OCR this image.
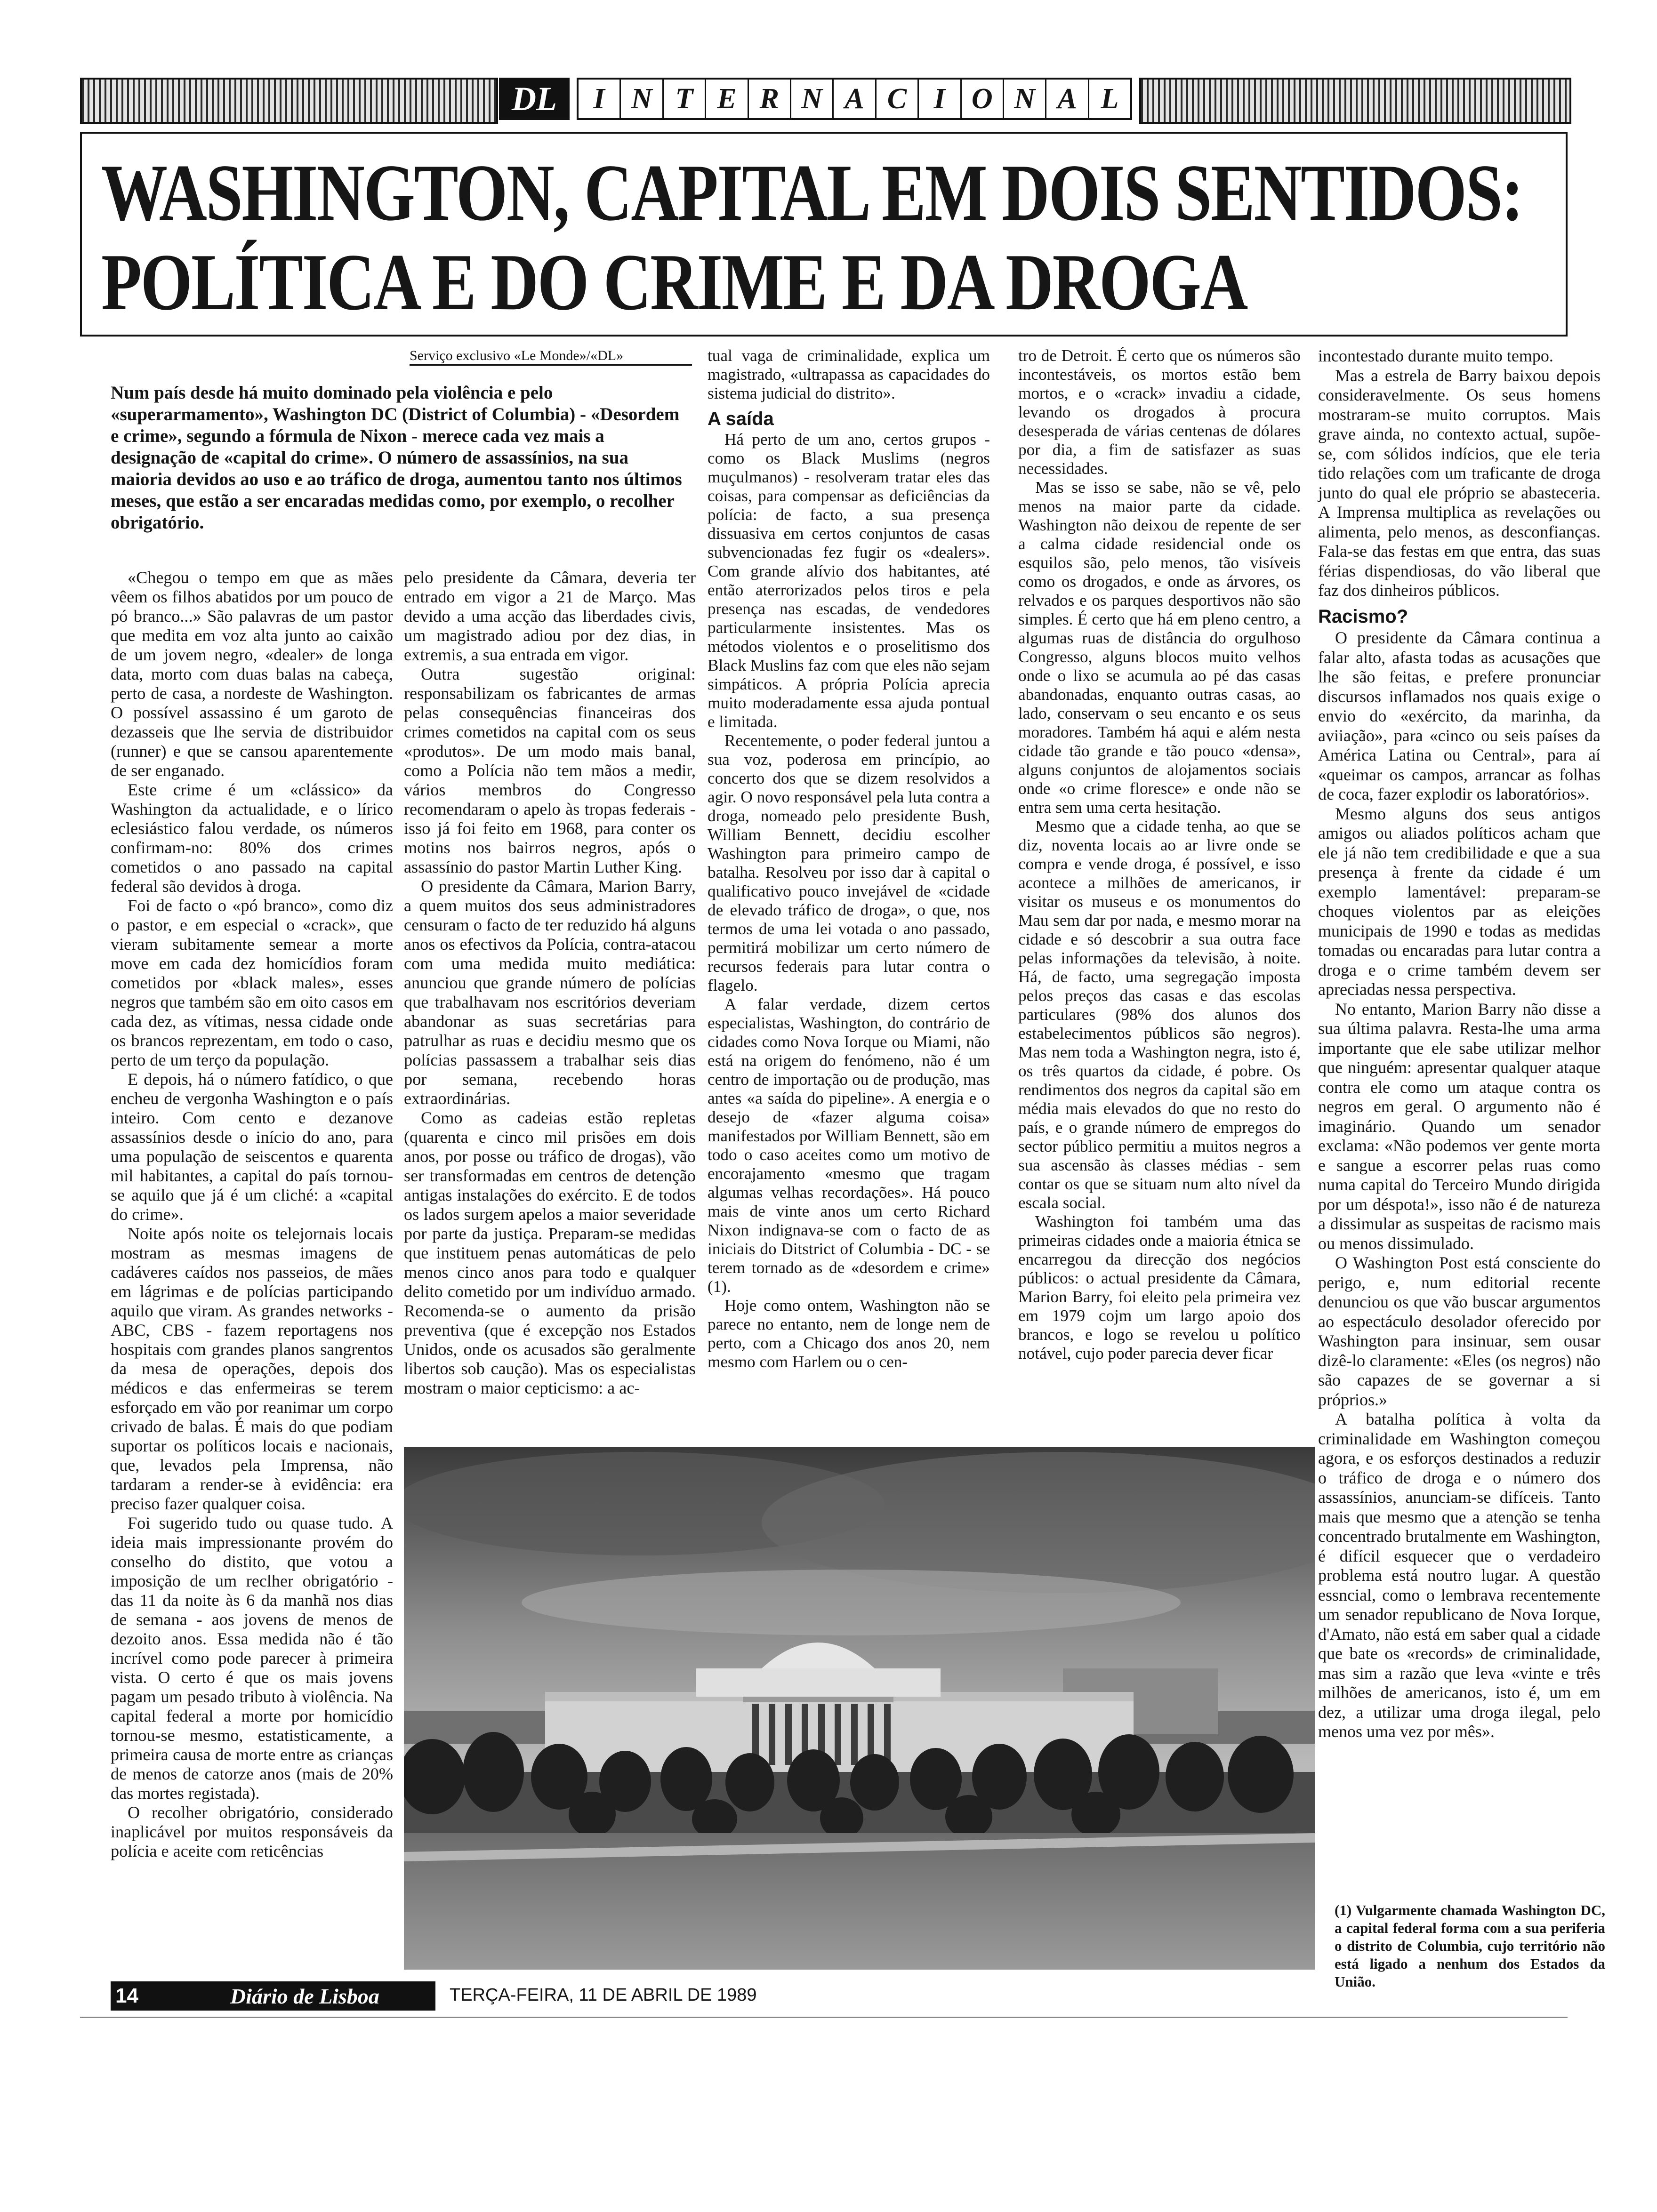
DL	I N T E R N A C I O N A L
WASHINGTON, CAPITAL EM DOIS SENTIDOS:
POLÍTICA E DO CRIME E DA DROGA
Serviço exclusivo «Le Monde»/«DL»
Num país desde há muito dominado pela violência e pelo «superarmamento», Washington DC (District of Columbia) - «Desordem e crime», segundo a fórmula de Nixon - merece cada vez mais a designação de «capital do crime». O número de assassínios, na sua maioria devidos ao uso e ao tráfico de droga, aumentou tanto nos últimos meses, que estão a ser encaradas medidas como, por exemplo, o recolher obrigatório.

«Chegou o tempo em que as mães vêem os filhos abatidos por um pouco de pó branco...» São palavras de um pastor que medita em voz alta junto ao caixão de um jovem negro, «dealer» de longa data, morto com duas balas na cabeça, perto de casa, a nordeste de Washington. O possível assassino é um garoto de dezasseis que lhe servia de distribuidor (runner) e que se cansou aparentemente de ser enganado.

Este crime é um «clássico» da Washington da actualidade, e o lírico eclesiástico falou verdade, os números confirmam-no: 80% dos crimes cometidos o ano passado na capital federal são devidos à droga.

Foi de facto o «pó branco», como diz o pastor, e em especial o «crack», que vieram subitamente semear a morte move em cada dez homicídios foram cometidos por «black males», esses negros que também são em oito casos em cada dez, as vítimas, nessa cidade onde os brancos reprezentam, em todo o caso, perto de um terço da população.

E depois, há o número fatídico, o que encheu de vergonha Washington e o país inteiro. Com cento e dezanove assassínios desde o início do ano, para uma população de seiscentos e quarenta mil habitantes, a capital do país tornou-se aquilo que já é um cliché: a «capital do crime».

Noite após noite os telejornais locais mostram as mesmas imagens de cadáveres caídos nos passeios, de mães em lágrimas e de polícias participando aquilo que viram. As grandes networks - ABC, CBS - fazem reportagens nos hospitais com grandes planos sangrentos da mesa de operações, depois dos médicos e das enfermeiras se terem esforçado em vão por reanimar um corpo crivado de balas. É mais do que podiam suportar os políticos locais e nacionais, que, levados pela Imprensa, não tardaram a render-se à evidência: era preciso fazer qualquer coisa.

Foi sugerido tudo ou quase tudo. A ideia mais impressionante provém do conselho do distito, que votou a imposição de um reclher obrigatório - das 11 da noite às 6 da manhã nos dias de semana - aos jovens de menos de dezoito anos. Essa medida não é tão incrível como pode parecer à primeira vista. O certo é que os mais jovens pagam um pesado tributo à violência. Na capital federal a morte por homicídio tornou-se mesmo, estatisticamente, a primeira causa de morte entre as crianças de menos de catorze anos (mais de 20% das mortes registada).

O recolher obrigatório, considerado inaplicável por muitos responsáveis da polícia e aceite com reticências

pelo presidente da Câmara, deveria ter entrado em vigor a 21 de Março. Mas devido a uma acção das liberdades civis, um magistrado adiou por dez dias, in extremis, a sua entrada em vigor.

Outra sugestão original: responsabilizam os fabricantes de armas pelas consequências financeiras dos crimes cometidos na capital com os seus «produtos». De um modo mais banal, como a Polícia não tem mãos a medir, vários membros do Congresso recomendaram o apelo às tropas federais - isso já foi feito em 1968, para conter os motins nos bairros negros, após o assassínio do pastor Martin Luther King.

O presidente da Câmara, Marion Barry, a quem muitos dos seus administradores censuram o facto de ter reduzido há alguns anos os efectivos da Polícia, contra-atacou com uma medida muito mediática: anunciou que grande número de polícias que trabalhavam nos escritórios deveriam abandonar as suas secretárias para patrulhar as ruas e decidiu mesmo que os polícias passassem a trabalhar seis dias por semana, recebendo horas extraordinárias.

Como as cadeias estão repletas (quarenta e cinco mil prisões em dois anos, por posse ou tráfico de drogas), vão ser transformadas em centros de detenção antigas instalações do exército. E de todos os lados surgem apelos a maior severidade por parte da justiça. Preparam-se medidas que instituem penas automáticas de pelo menos cinco anos para todo e qualquer delito cometido por um indivíduo armado. Recomenda-se o aumento da prisão preventiva (que é excepção nos Estados Unidos, onde os acusados são geralmente libertos sob caução). Mas os especialistas mostram o maior cepticismo: a ac-

tual vaga de criminalidade, explica um magistrado, «ultrapassa as capacidades do sistema judicial do distrito».

A saída

Há perto de um ano, certos grupos - como os Black Muslims (negros muçulmanos) - resolveram tratar eles das coisas, para compensar as deficiências da polícia: de facto, a sua presença dissuasiva em certos conjuntos de casas subvencionadas fez fugir os «dealers». Com grande alívio dos habitantes, até então aterrorizados pelos tiros e pela presença nas escadas, de vendedores particularmente insistentes. Mas os métodos violentos e o proselitismo dos Black Muslins faz com que eles não sejam simpáticos. A própria Polícia aprecia muito moderadamente essa ajuda pontual e limitada.

Recentemente, o poder federal juntou a sua voz, poderosa em princípio, ao concerto dos que se dizem resolvidos a agir. O novo responsável pela luta contra a droga, nomeado pelo presidente Bush, William Bennett, decidiu escolher Washington para primeiro campo de batalha. Resolveu por isso dar à capital o qualificativo pouco invejável de «cidade de elevado tráfico de droga», o que, nos termos de uma lei votada o ano passado, permitirá mobilizar um certo número de recursos federais para lutar contra o flagelo.

A falar verdade, dizem certos especialistas, Washington, do contrário de cidades como Nova Iorque ou Miami, não está na origem do fenómeno, não é um centro de importação ou de produção, mas antes «a saída do pipeline». A energia e o desejo de «fazer alguma coisa» manifestados por William Bennett, são em todo o caso aceites como um motivo de encorajamento «mesmo que tragam algumas velhas recordações». Há pouco mais de vinte anos um certo Richard Nixon indignava-se com o facto de as iniciais do Ditstrict of Columbia - DC - se terem tornado as de «desordem e crime» (1).

Hoje como ontem, Washington não se parece no entanto, nem de longe nem de perto, com a Chicago dos anos 20, nem mesmo com Harlem ou o cen-

tro de Detroit. É certo que os números são incontestáveis, os mortos estão bem mortos, e o «crack» invadiu a cidade, levando os drogados à procura desesperada de várias centenas de dólares por dia, a fim de satisfazer as suas necessidades.

Mas se isso se sabe, não se vê, pelo menos na maior parte da cidade. Washington não deixou de repente de ser a calma cidade residencial onde os esquilos são, pelo menos, tão visíveis como os drogados, e onde as árvores, os relvados e os parques desportivos não são simples. É certo que há em pleno centro, a algumas ruas de distância do orgulhoso Congresso, alguns blocos muito velhos onde o lixo se acumula ao pé das casas abandonadas, enquanto outras casas, ao lado, conservam o seu encanto e os seus moradores. Também há aqui e além nesta cidade tão grande e tão pouco «densa», alguns conjuntos de alojamentos sociais onde «o crime floresce» e onde não se entra sem uma certa hesitação.

Mesmo que a cidade tenha, ao que se diz, noventa locais ao ar livre onde se compra e vende droga, é possível, e isso acontece a milhões de americanos, ir visitar os museus e os monumentos do Mau sem dar por nada, e mesmo morar na cidade e só descobrir a sua outra face pelas informações da televisão, à noite. Há, de facto, uma segregação imposta pelos preços das casas e das escolas particulares (98% dos alunos dos estabelecimentos públicos são negros). Mas nem toda a Washington negra, isto é, os três quartos da cidade, é pobre. Os rendimentos dos negros da capital são em média mais elevados do que no resto do país, e o grande número de empregos do sector público permitiu a muitos negros a sua ascensão às classes médias - sem contar os que se situam num alto nível da escala social.

Washington foi também uma das primeiras cidades onde a maioria étnica se encarregou da direcção dos negócios públicos: o actual presidente da Câmara, Marion Barry, foi eleito pela primeira vez em 1979 cojm um largo apoio dos brancos, e logo se revelou u político notável, cujo poder parecia dever ficar

incontestado durante muito tempo.

Mas a estrela de Barry baixou depois consideravelmente. Os seus homens mostraram-se muito corruptos. Mais grave ainda, no contexto actual, supõe-se, com sólidos indícios, que ele teria tido relações com um traficante de droga junto do qual ele próprio se abasteceria. A Imprensa multiplica as revelações ou alimenta, pelo menos, as desconfianças. Fala-se das festas em que entra, das suas férias dispendiosas, do vão liberal que faz dos dinheiros públicos.

Racismo?

O presidente da Câmara continua a falar alto, afasta todas as acusações que lhe são feitas, e prefere pronunciar discursos inflamados nos quais exige o envio do «exército, da marinha, da aviiação», para «cinco ou seis países da América Latina ou Central», para aí «queimar os campos, arrancar as folhas de coca, fazer explodir os laboratórios».

Mesmo alguns dos seus antigos amigos ou aliados políticos acham que ele já não tem credibilidade e que a sua presença à frente da cidade é um exemplo lamentável: preparam-se choques violentos par as eleições municipais de 1990 e todas as medidas tomadas ou encaradas para lutar contra a droga e o crime também devem ser apreciadas nessa perspectiva.

No entanto, Marion Barry não disse a sua última palavra. Resta-lhe uma arma importante que ele sabe utilizar melhor que ninguém: apresentar qualquer ataque contra ele como um ataque contra os negros em geral. O argumento não é imaginário. Quando um senador exclama: «Não podemos ver gente morta e sangue a escorrer pelas ruas como numa capital do Terceiro Mundo dirigida por um déspota!», isso não é de natureza a dissimular as suspeitas de racismo mais ou menos dissimulado.

O Washington Post está consciente do perigo, e, num editorial recente denunciou os que vão buscar argumentos ao espectáculo desolador oferecido por Washington para insinuar, sem ousar dizê-lo claramente: «Eles (os negros) não são capazes de se governar a si próprios.»

A batalha política à volta da criminalidade em Washington começou agora, e os esforços destinados a reduzir o tráfico de droga e o número dos assassínios, anunciam-se difíceis. Tanto mais que mesmo que a atenção se tenha concentrado brutalmente em Washington, é difícil esquecer que o verdadeiro problema está noutro lugar. A questão essncial, como o lembrava recentemente um senador republicano de Nova Iorque, d'Amato, não está em saber qual a cidade que bate os «records» de criminalidade, mas sim a razão que leva «vinte e três milhões de americanos, isto é, um em dez, a utilizar uma droga ilegal, pelo menos uma vez por mês».

(1) Vulgarmente chamada Washington DC, a capital federal forma com a sua periferia o distrito de Columbia, cujo território não está ligado a nenhum dos Estados da União.
14	Diário de Lisboa	TERÇA-FEIRA, 11 DE ABRIL DE 1989
